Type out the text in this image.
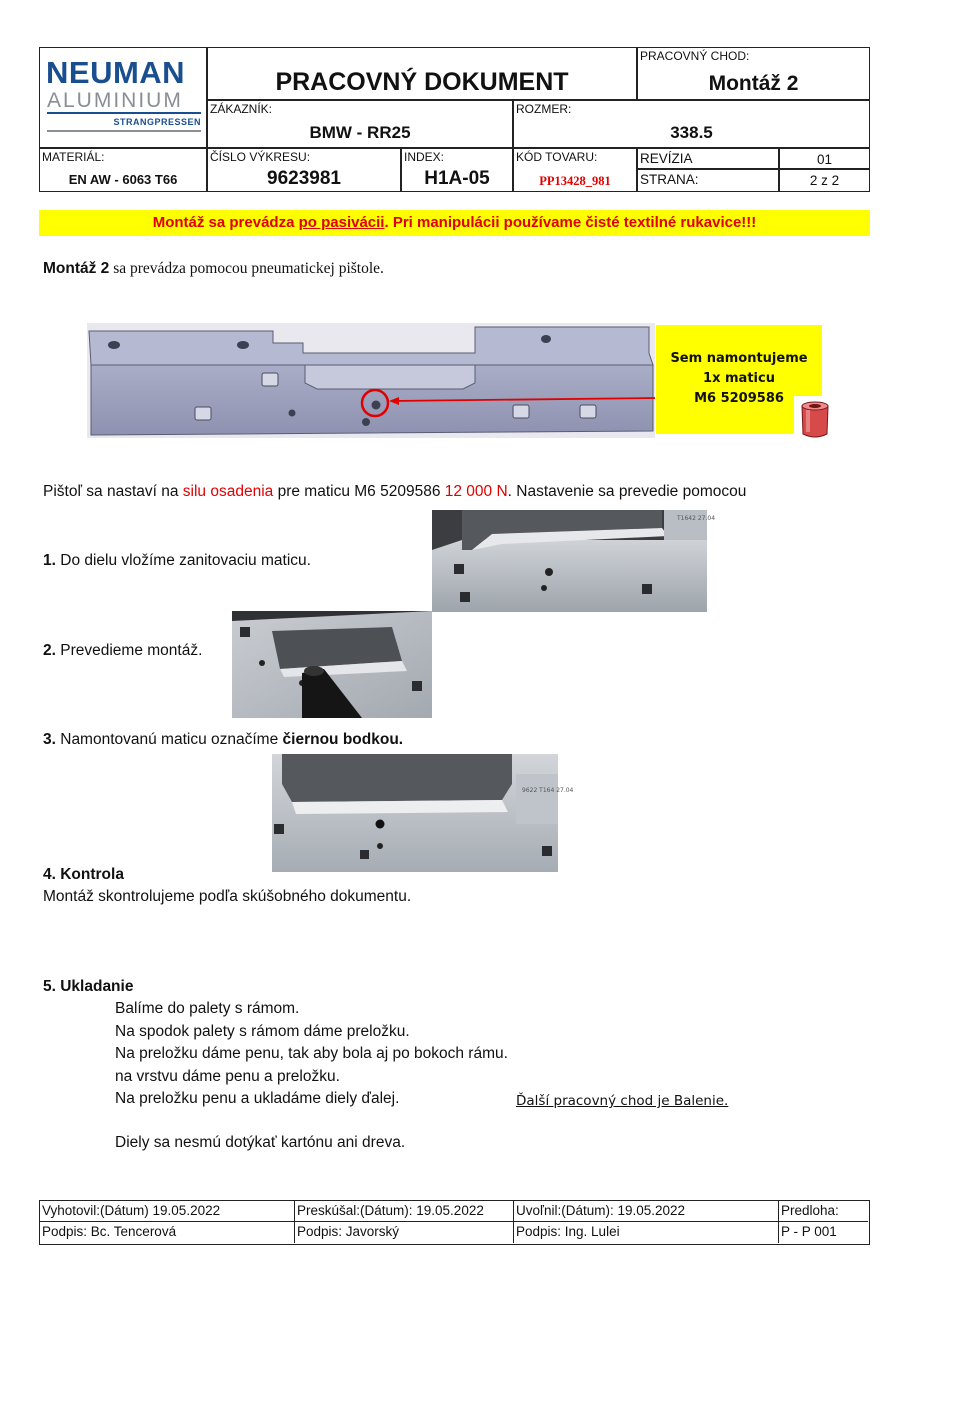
NEUMAN
ALUMINIUM
STRANGPRESSEN
PRACOVNÝ DOKUMENT
PRACOVNÝ CHOD:
Montáž 2
ZÁKAZNÍK:
BMW - RR25
ROZMER:
338.5
MATERIÁL:
EN AW - 6063 T66
ČÍSLO VÝKRESU:
9623981
INDEX:
H1A-05
KÓD TOVARU:
PP13428_981
REVÍZIA	01
STRANA:	2 z 2
Montáž sa prevádza po pasivácii. Pri manipulácii používame čisté textilné rukavice!!!
Montáž 2 sa prevádza pomocou pneumatickej pištole.
Sem namontujeme
1x maticu
M6 5209586
Pištoľ sa nastaví na silu osadenia pre maticu M6 5209586 12 000 N. Nastavenie sa prevedie pomocou
1. Do dielu vložíme zanitovaciu maticu.
T1642 27.04
2. Prevedieme montáž.
3. Namontovanú maticu označíme čiernou bodkou.
9622 T164 27.04
4. Kontrola
Montáž skontrolujeme podľa skúšobného dokumentu.
5. Ukladanie
Balíme do palety s rámom.
Na spodok palety s rámom dáme preložku.
Na preložku dáme penu, tak aby bola aj po bokoch rámu.
na vrstvu dáme penu a preložku.
Na preložku penu a ukladáme diely ďalej.	Ďalší pracovný chod je Balenie.
Diely sa nesmú dotýkať kartónu ani dreva.
Vyhotovil:(Dátum) 19.05.2022	Preskúšal:(Dátum): 19.05.2022	Uvoľnil:(Dátum): 19.05.2022	Predloha:
Podpis: Bc. Tencerová	Podpis: Javorský	Podpis: Ing. Lulei	P - P 001
